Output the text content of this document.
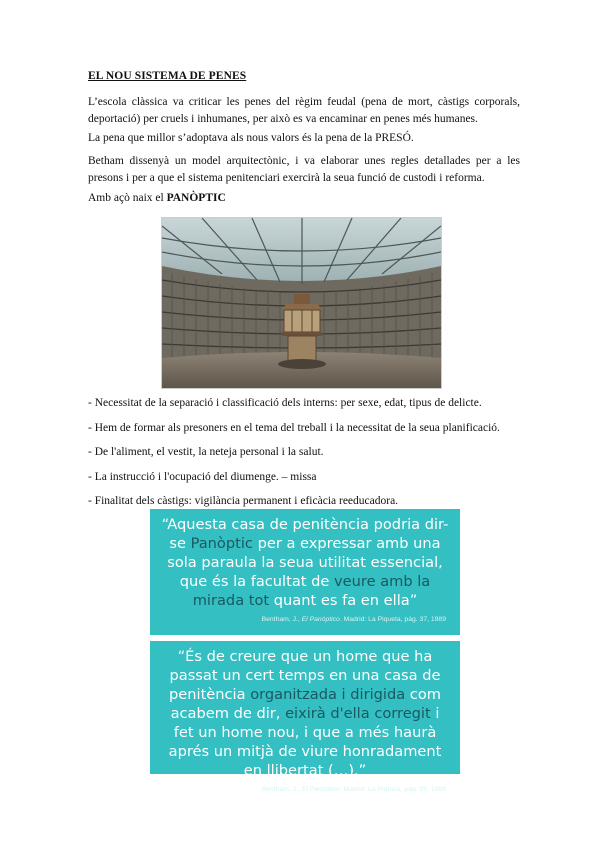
EL NOU SISTEMA DE PENES
L’escola clàssica va criticar les penes del règim feudal (pena de mort, càstigs corporals, deportació) per cruels i inhumanes, per això es va encaminar en penes més humanes.
La pena que millor s’adoptava als nous valors és la pena de la PRESÓ.
Betham dissenyà un model arquitectònic, i va elaborar unes regles detallades per a les presons i per a que el sistema penitenciari exercirà la seua funció de custodi i reforma.
Amb açò naix el PANÒPTIC
- Necessitat de la separació i classificació dels interns: per sexe, edat, tipus de delicte.
- Hem de formar als presoners en el tema del treball i la necessitat de la seua planificació.
- De l'aliment, el vestit, la neteja personal i la salut.
- La instrucció i l'ocupació del diumenge. – missa
- Finalitat dels càstigs: vigilància permanent i eficàcia reeducadora.
“Aquesta casa de penitència podria dir-se Panòptic per a expressar amb una sola paraula la seua utilitat essencial, que és la facultat de veure amb la mirada tot quant es fa en ella”
Bentham, J., El Panóptico. Madrid: La Piqueta, pág. 37, 1989
“És de creure que un home que ha passat un cert temps en una casa de penitència organitzada i dirigida com acabem de dir, eixirà d'ella corregit i fet un home nou, i que a més haurà aprés un mitjà de viure honradament en llibertat (…).”
Bentham, J., El Panóptico. Madrid: La Piqueta, pág. 95, 1989
